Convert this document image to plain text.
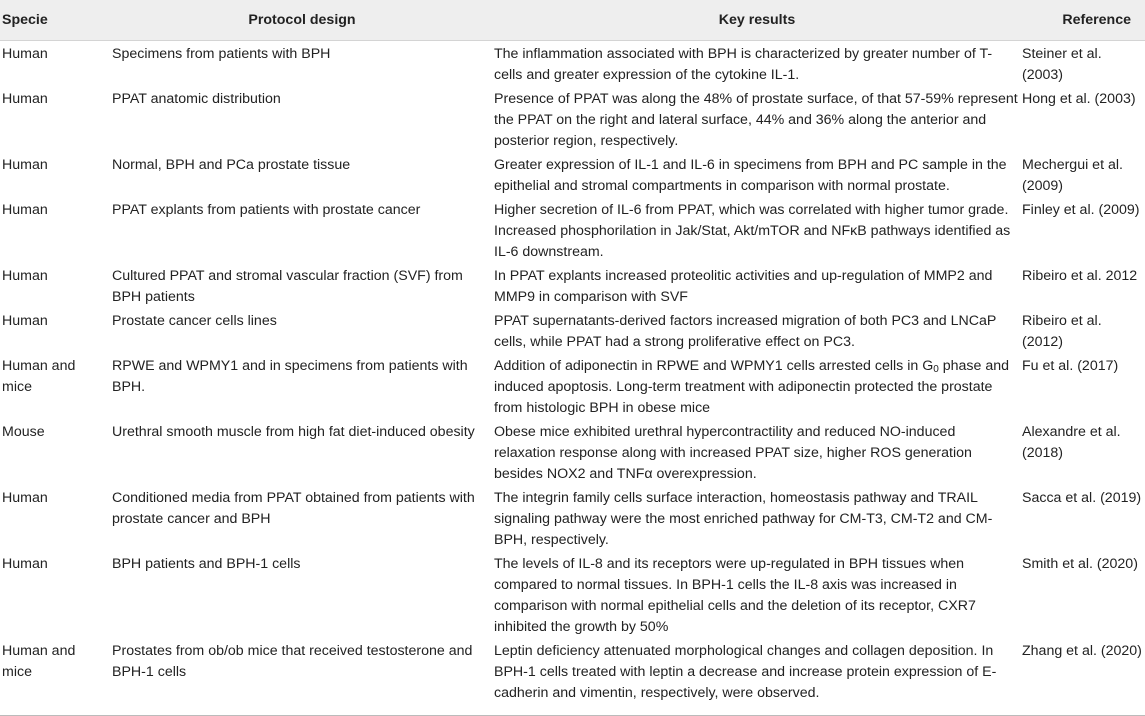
Specie	Protocol design	Key results	Reference
Human	Specimens from patients with BPH	The inflammation associated with BPH is characterized by greater number of T-cells and greater expression of the cytokine IL-1.	Steiner et al. (2003)
Human	PPAT anatomic distribution	Presence of PPAT was along the 48% of prostate surface, of that 57-59% represent the PPAT on the right and lateral surface, 44% and 36% along the anterior and posterior region, respectively.	Hong et al. (2003)
Human	Normal, BPH and PCa prostate tissue	Greater expression of IL-1 and IL-6 in specimens from BPH and PC sample in the epithelial and stromal compartments in comparison with normal prostate.	Mechergui et al. (2009)
Human	PPAT explants from patients with prostate cancer	Higher secretion of IL-6 from PPAT, which was correlated with higher tumor grade. Increased phosphorilation in Jak/Stat, Akt/mTOR and NFκB pathways identified as IL-6 downstream.	Finley et al. (2009)
Human	Cultured PPAT and stromal vascular fraction (SVF) from BPH patients	In PPAT explants increased proteolitic activities and up-regulation of MMP2 and MMP9 in comparison with SVF	Ribeiro et al. 2012
Human	Prostate cancer cells lines	PPAT supernatants-derived factors increased migration of both PC3 and LNCaP cells, while PPAT had a strong proliferative effect on PC3.	Ribeiro et al. (2012)
Human and mice	RPWE and WPMY1 and in specimens from patients with BPH.	Addition of adiponectin in RPWE and WPMY1 cells arrested cells in $G_0$ phase and induced apoptosis. Long-term treatment with adiponectin protected the prostate from histologic BPH in obese mice	Fu et al. (2017)
Mouse	Urethral smooth muscle from high fat diet-induced obesity	Obese mice exhibited urethral hypercontractility and reduced NO-induced relaxation response along with increased PPAT size, higher ROS generation besides NOX2 and TNFα overexpression.	Alexandre et al. (2018)
Human	Conditioned media from PPAT obtained from patients with prostate cancer and BPH	The integrin family cells surface interaction, homeostasis pathway and TRAIL signaling pathway were the most enriched pathway for CM-T3, CM-T2 and CM-BPH, respectively.	Sacca et al. (2019)
Human	BPH patients and BPH-1 cells	The levels of IL-8 and its receptors were up-regulated in BPH tissues when compared to normal tissues. In BPH-1 cells the IL-8 axis was increased in comparison with normal epithelial cells and the deletion of its receptor, CXR7 inhibited the growth by 50%	Smith et al. (2020)
Human and mice	Prostates from ob/ob mice that received testosterone and BPH-1 cells	Leptin deficiency attenuated morphological changes and collagen deposition. In BPH-1 cells treated with leptin a decrease and increase protein expression of E-cadherin and vimentin, respectively, were observed.	Zhang et al. (2020)
